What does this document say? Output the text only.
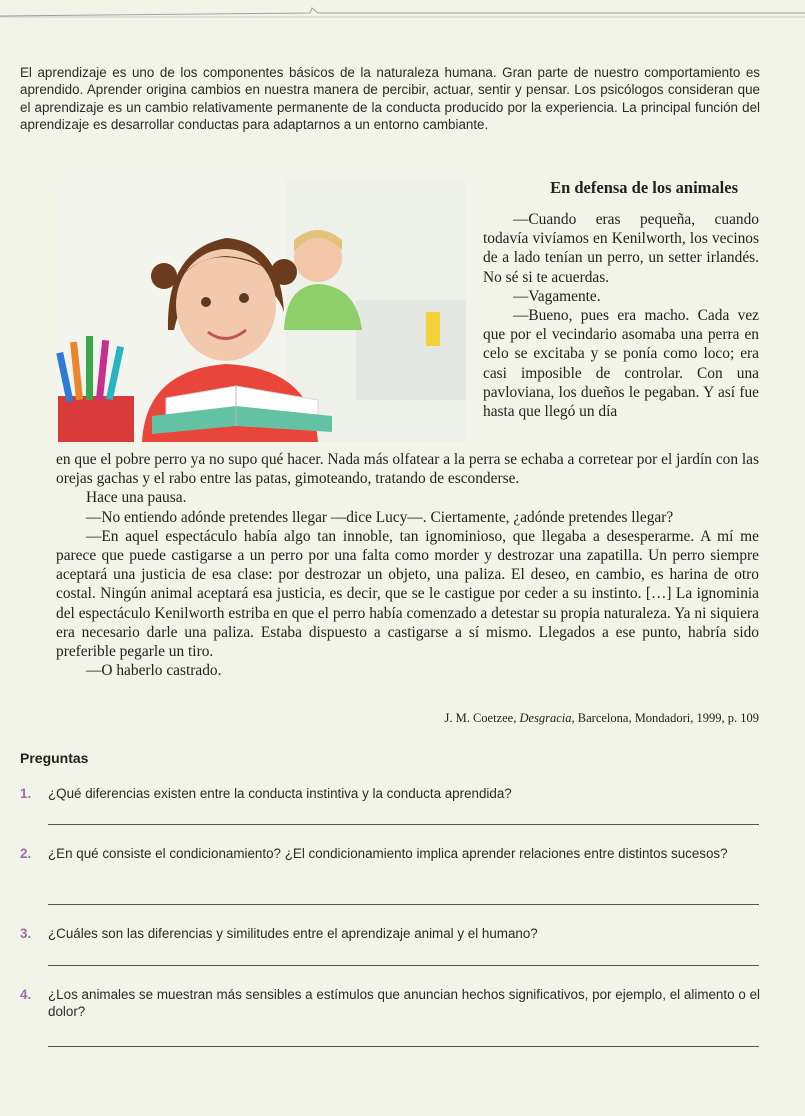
El aprendizaje es uno de los componentes básicos de la naturaleza humana. Gran parte de nuestro comportamiento es aprendido. Aprender origina cambios en nuestra manera de percibir, actuar, sentir y pensar. Los psicólogos consideran que el aprendizaje es un cambio relativamente permanente de la conducta producido por la experiencia. La principal función del aprendizaje es desarrollar conductas para adaptarnos a un entorno cambiante.

En defensa de los animales

—Cuando eras pequeña, cuando todavía vivíamos en Kenilworth, los vecinos de a lado tenían un perro, un setter irlandés. No sé si te acuerdas.

—Vagamente.

—Bueno, pues era macho. Cada vez que por el vecindario asomaba una perra en celo se excitaba y se ponía como loco; era casi imposible de controlar. Con una pavloviana, los dueños le pegaban. Y así fue hasta que llegó un día

en que el pobre perro ya no supo qué hacer. Nada más olfatear a la perra se echaba a corretear por el jardín con las orejas gachas y el rabo entre las patas, gimoteando, tratando de esconderse.

Hace una pausa.

—No entiendo adónde pretendes llegar —dice Lucy—. Ciertamente, ¿adónde pretendes llegar?

—En aquel espectáculo había algo tan innoble, tan ignominioso, que llegaba a desesperarme. A mí me parece que puede castigarse a un perro por una falta como morder y destrozar una zapatilla. Un perro siempre aceptará una justicia de esa clase: por destrozar un objeto, una paliza. El deseo, en cambio, es harina de otro costal. Ningún animal aceptará esa justicia, es decir, que se le castigue por ceder a su instinto. […] La ignominia del espectáculo Kenilworth estriba en que el perro había comenzado a detestar su propia naturaleza. Ya ni siquiera era necesario darle una paliza. Estaba dispuesto a castigarse a sí mismo. Llegados a ese punto, habría sido preferible pegarle un tiro.

—O haberlo castrado.

J. M. Coetzee, Desgracia, Barcelona, Mondadori, 1999, p. 109

Preguntas
1. ¿Qué diferencias existen entre la conducta instintiva y la conducta aprendida?
2. ¿En qué consiste el condicionamiento? ¿El condicionamiento implica aprender relaciones entre distintos sucesos?
3. ¿Cuáles son las diferencias y similitudes entre el aprendizaje animal y el humano?
4. ¿Los animales se muestran más sensibles a estímulos que anuncian hechos significativos, por ejemplo, el alimento o el dolor?
